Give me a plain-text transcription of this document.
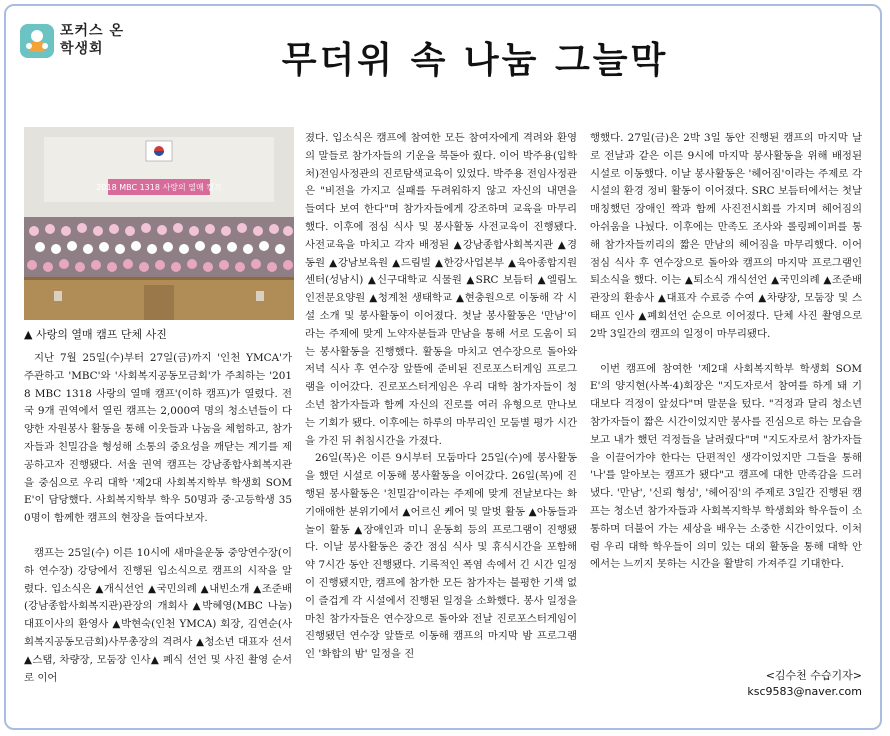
포커스 온
학생회	무더위 속 나눔 그늘막
2018 MBC 1318 사랑의 열매 캠프
▲ 사랑의 열매 캠프 단체 사진

지난 7월 25일(수)부터 27일(금)까지 '인천 YMCA'가 주관하고 'MBC'와 '사회복지공동모금회'가 주최하는 '2018 MBC 1318 사랑의 열매 캠프'(이하 캠프)가 열렸다. 전국 9개 권역에서 열린 캠프는 2,000여 명의 청소년들이 다양한 자원봉사 활동을 통해 이웃들과 나눔을 체험하고, 참가자들과 친밀감을 형성해 소통의 중요성을 깨닫는 계기를 제공하고자 진행됐다. 서울 권역 캠프는 강남종합사회복지관을 중심으로 우리 대학 '제2대 사회복지학부 학생회 SOME'이 담당했다. 사회복지학부 학우 50명과 중·고등학생 350명이 함께한 캠프의 현장을 들여다보자.

캠프는 25일(수) 이른 10시에 새마을운동 중앙연수장(이하 연수장) 강당에서 진행된 입소식으로 캠프의 시작을 알렸다. 입소식은 ▲개식선언 ▲국민의례 ▲내빈소개 ▲조준배(강남종합사회복지관)관장의 개회사 ▲박혜영(MBC 나눔)대표이사의 환영사 ▲박현숙(인천 YMCA) 회장, 김연순(사회복지공동모금회)사무총장의 격려사 ▲청소년 대표자 선서 ▲스탭, 차량장, 모둠장 인사▲ 폐식 선언 및 사진 촬영 순서로 이어

졌다. 입소식은 캠프에 참여한 모든 참여자에게 격려와 환영의 말들로 참가자들의 기운을 북돋아 줬다. 이어 박주용(입학처)전임사정관의 진로탐색교육이 있었다. 박주용 전임사정관은 "비전을 가지고 실패를 두려워하지 않고 자신의 내면을 들여다 보여 한다"며 참가자들에게 강조하며 교육을 마무리했다. 이후에 점심 식사 및 봉사활동 사전교육이 진행됐다. 사전교육을 마치고 각자 배정된 ▲강남종합사회복지관 ▲경동원 ▲강남보육원 ▲드림빌 ▲한강사업본부 ▲육아종합지원센터(성남시) ▲신구대학교 식물원 ▲SRC 보듬터 ▲엘림노인전문요양원 ▲청계천 생태학교 ▲현충원으로 이동해 각 시설 소개 및 봉사활동이 이어졌다. 첫날 봉사활동은 '만남'이라는 주제에 맞게 노약자분들과 만남을 통해 서로 도움이 되는 봉사활동을 진행했다. 활동을 마치고 연수장으로 돌아와 저녁 식사 후 연수장 앞뜰에 준비된 진로포스터게임 프로그램을 이어갔다. 진로포스터게임은 우리 대학 참가자들이 청소년 참가자들과 함께 자신의 진로를 여러 유형으로 만나보는 기회가 됐다. 이후에는 하루의 마무리인 모둠별 평가 시간을 가진 뒤 취침시간을 가졌다.

26일(목)은 이른 9시부터 모둠마다 25일(수)에 봉사활동을 했던 시설로 이동해 봉사활동을 이어갔다. 26일(목)에 진행된 봉사활동은 '친밀감'이라는 주제에 맞게 전날보다는 화기애애한 분위기에서 ▲어르신 케어 및 말벗 활동 ▲아동들과 놀이 활동 ▲장애인과 미니 운동회 등의 프로그램이 진행됐다. 이날 봉사활동은 중간 점심 식사 및 휴식시간을 포함해 약 7시간 동안 진행됐다. 기록적인 폭염 속에서 긴 시간 일정이 진행됐지만, 캠프에 참가한 모든 참가자는 불평한 기색 없이 즐겁게 각 시설에서 진행된 일정을 소화했다. 봉사 일정을 마친 참가자들은 연수장으로 돌아와 전날 진로포스터게임이 진행됐던 연수장 앞뜰로 이동해 캠프의 마지막 밤 프로그램인 '화합의 밤' 일정을 진

행했다. 27일(금)은 2박 3일 동안 진행된 캠프의 마지막 날로 전날과 같은 이른 9시에 마지막 봉사활동을 위해 배정된 시설로 이동했다. 이날 봉사활동은 '헤어짐'이라는 주제로 각 시설의 환경 정비 활동이 이어졌다. SRC 보듬터에서는 첫날 매칭했던 장애인 짝과 함께 사진전시회를 가지며 헤어짐의 아쉬움을 나눴다. 이후에는 만족도 조사와 롤링페이퍼를 통해 참가자들끼리의 짧은 만남의 헤어짐을 마무리했다. 이어 점심 식사 후 연수장으로 돌아와 캠프의 마지막 프로그램인 퇴소식을 했다. 이는 ▲퇴소식 개식선언 ▲국민의례 ▲조준배 관장의 환송사 ▲대표자 수료증 수여 ▲차량장, 모둠장 및 스태프 인사 ▲폐회선언 순으로 이어졌다. 단체 사진 촬영으로 2박 3일간의 캠프의 일정이 마무리됐다.

이번 캠프에 참여한 '제2대 사회복지학부 학생회 SOME'의 양지현(사복·4)회장은 "지도자로서 참여를 하게 돼 기대보다 걱정이 앞섰다"며 말문을 텄다. "걱정과 달리 청소년 참가자들이 짧은 시간이었지만 봉사를 진심으로 하는 모습을 보고 내가 했던 걱정들을 날려줬다"며 "지도자로서 참가자들을 이끌어가야 한다는 단편적인 생각이었지만 그들을 통해 '나'를 알아보는 캠프가 됐다"고 캠프에 대한 만족감을 드러냈다. '만남', '신뢰 형성', '헤어짐'의 주제로 3일간 진행된 캠프는 청소년 참가자들과 사회복지학부 학생회와 학우들이 소통하며 더불어 가는 세상을 배우는 소중한 시간이었다. 이처럼 우리 대학 학우들이 의미 있는 대외 활동을 통해 대학 안에서는 느끼지 못하는 시간을 활발히 가져주길 기대한다.

<김수천 수습기자>
ksc9583@naver.com
